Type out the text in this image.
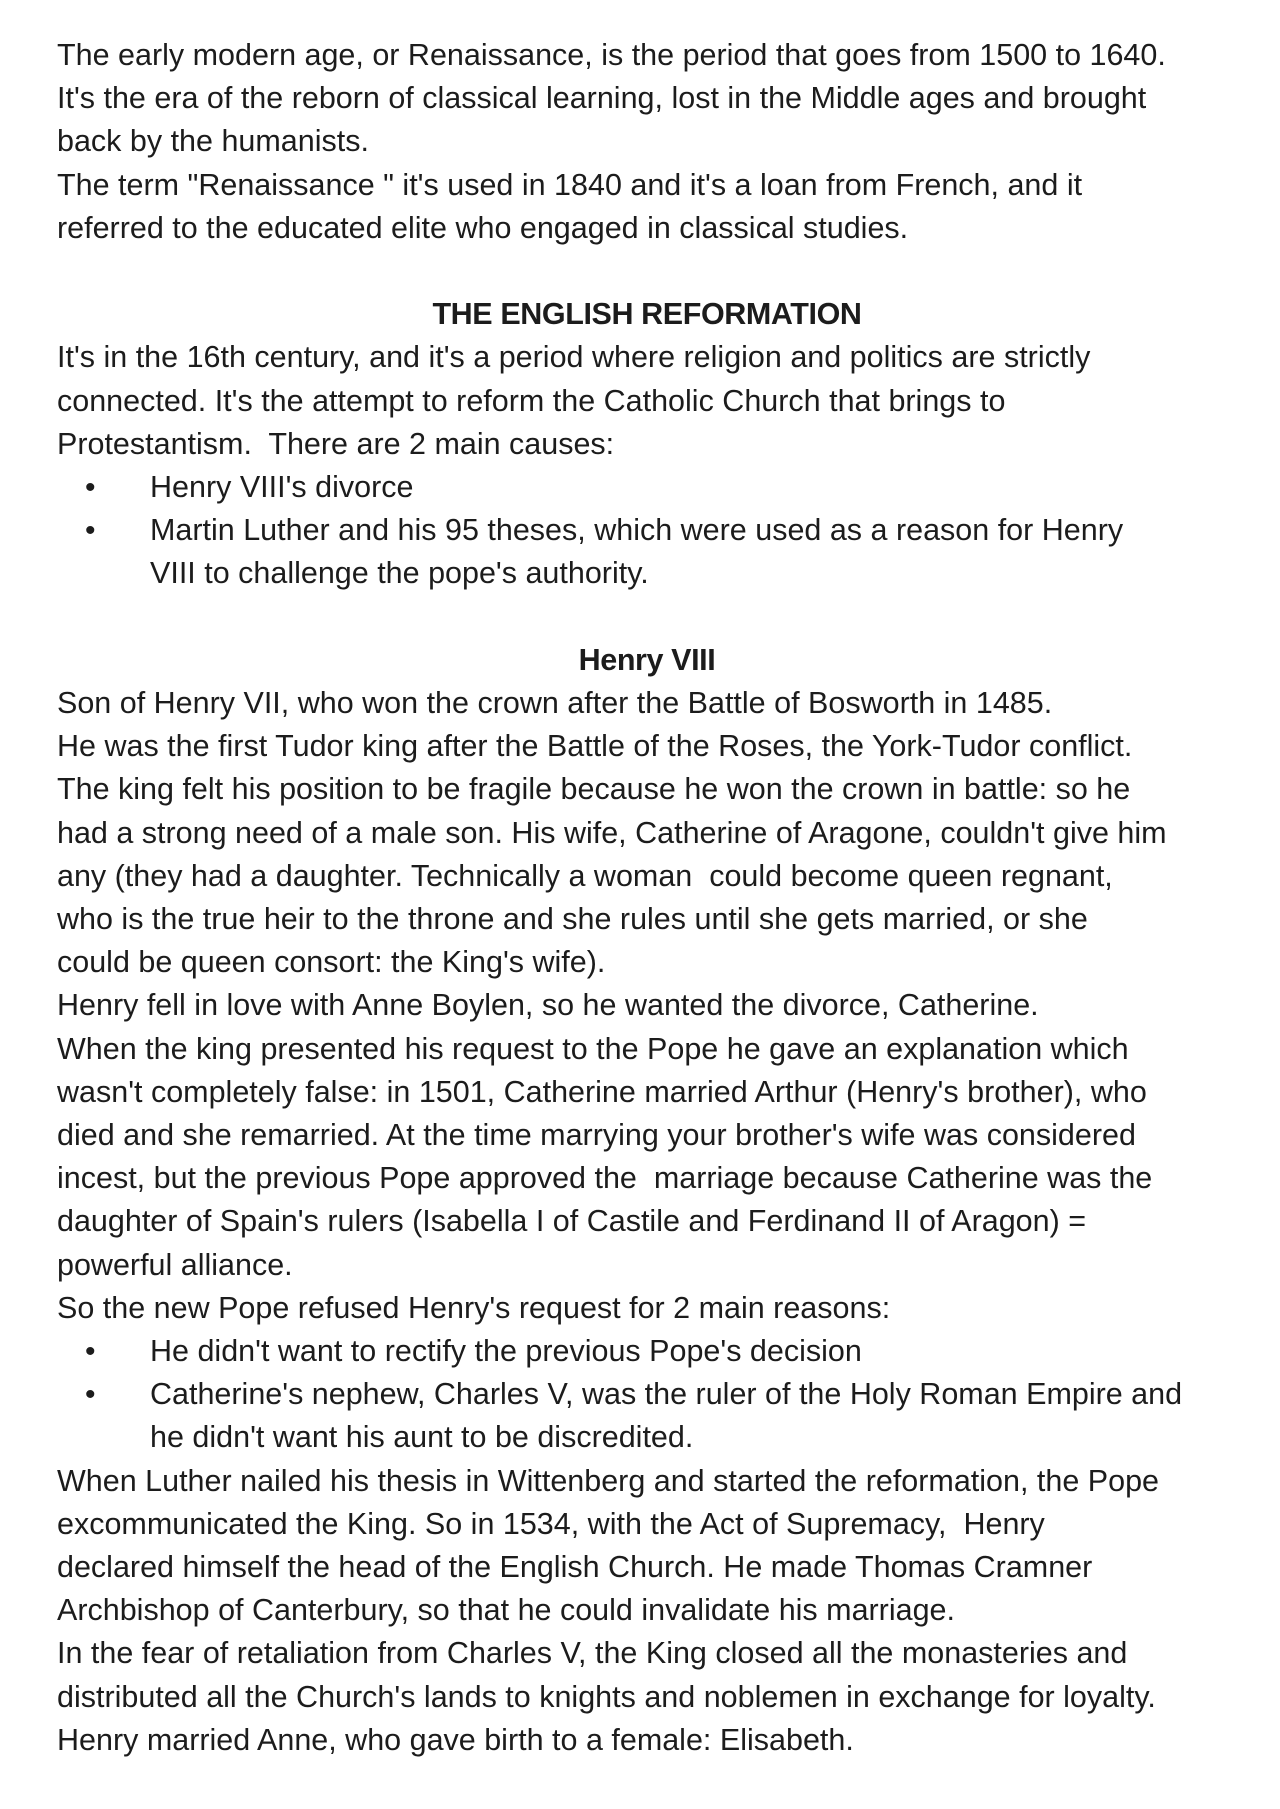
The early modern age, or Renaissance, is the period that goes from 1500 to 1640.
It's the era of the reborn of classical learning, lost in the Middle ages and brought
back by the humanists.
The term "Renaissance " it's used in 1840 and it's a loan from French, and it
referred to the educated elite who engaged in classical studies.
THE ENGLISH REFORMATION
It's in the 16th century, and it's a period where religion and politics are strictly
connected. It's the attempt to reform the Catholic Church that brings to
Protestantism.  There are 2 main causes:
• Henry VIII's divorce
• Martin Luther and his 95 theses, which were used as a reason for Henry
VIII to challenge the pope's authority.
Henry VIII
Son of Henry VII, who won the crown after the Battle of Bosworth in 1485.
He was the first Tudor king after the Battle of the Roses, the York-Tudor conflict.
The king felt his position to be fragile because he won the crown in battle: so he
had a strong need of a male son. His wife, Catherine of Aragone, couldn't give him
any (they had a daughter. Technically a woman  could become queen regnant,
who is the true heir to the throne and she rules until she gets married, or she
could be queen consort: the King's wife).
Henry fell in love with Anne Boylen, so he wanted the divorce, Catherine.
When the king presented his request to the Pope he gave an explanation which
wasn't completely false: in 1501, Catherine married Arthur (Henry's brother), who
died and she remarried. At the time marrying your brother's wife was considered
incest, but the previous Pope approved the  marriage because Catherine was the
daughter of Spain's rulers (Isabella I of Castile and Ferdinand II of Aragon) =
powerful alliance.
So the new Pope refused Henry's request for 2 main reasons:
• He didn't want to rectify the previous Pope's decision
• Catherine's nephew, Charles V, was the ruler of the Holy Roman Empire and
he didn't want his aunt to be discredited.
When Luther nailed his thesis in Wittenberg and started the reformation, the Pope
excommunicated the King. So in 1534, with the Act of Supremacy,  Henry
declared himself the head of the English Church. He made Thomas Cramner
Archbishop of Canterbury, so that he could invalidate his marriage.
In the fear of retaliation from Charles V, the King closed all the monasteries and
distributed all the Church's lands to knights and noblemen in exchange for loyalty.
Henry married Anne, who gave birth to a female: Elisabeth.
